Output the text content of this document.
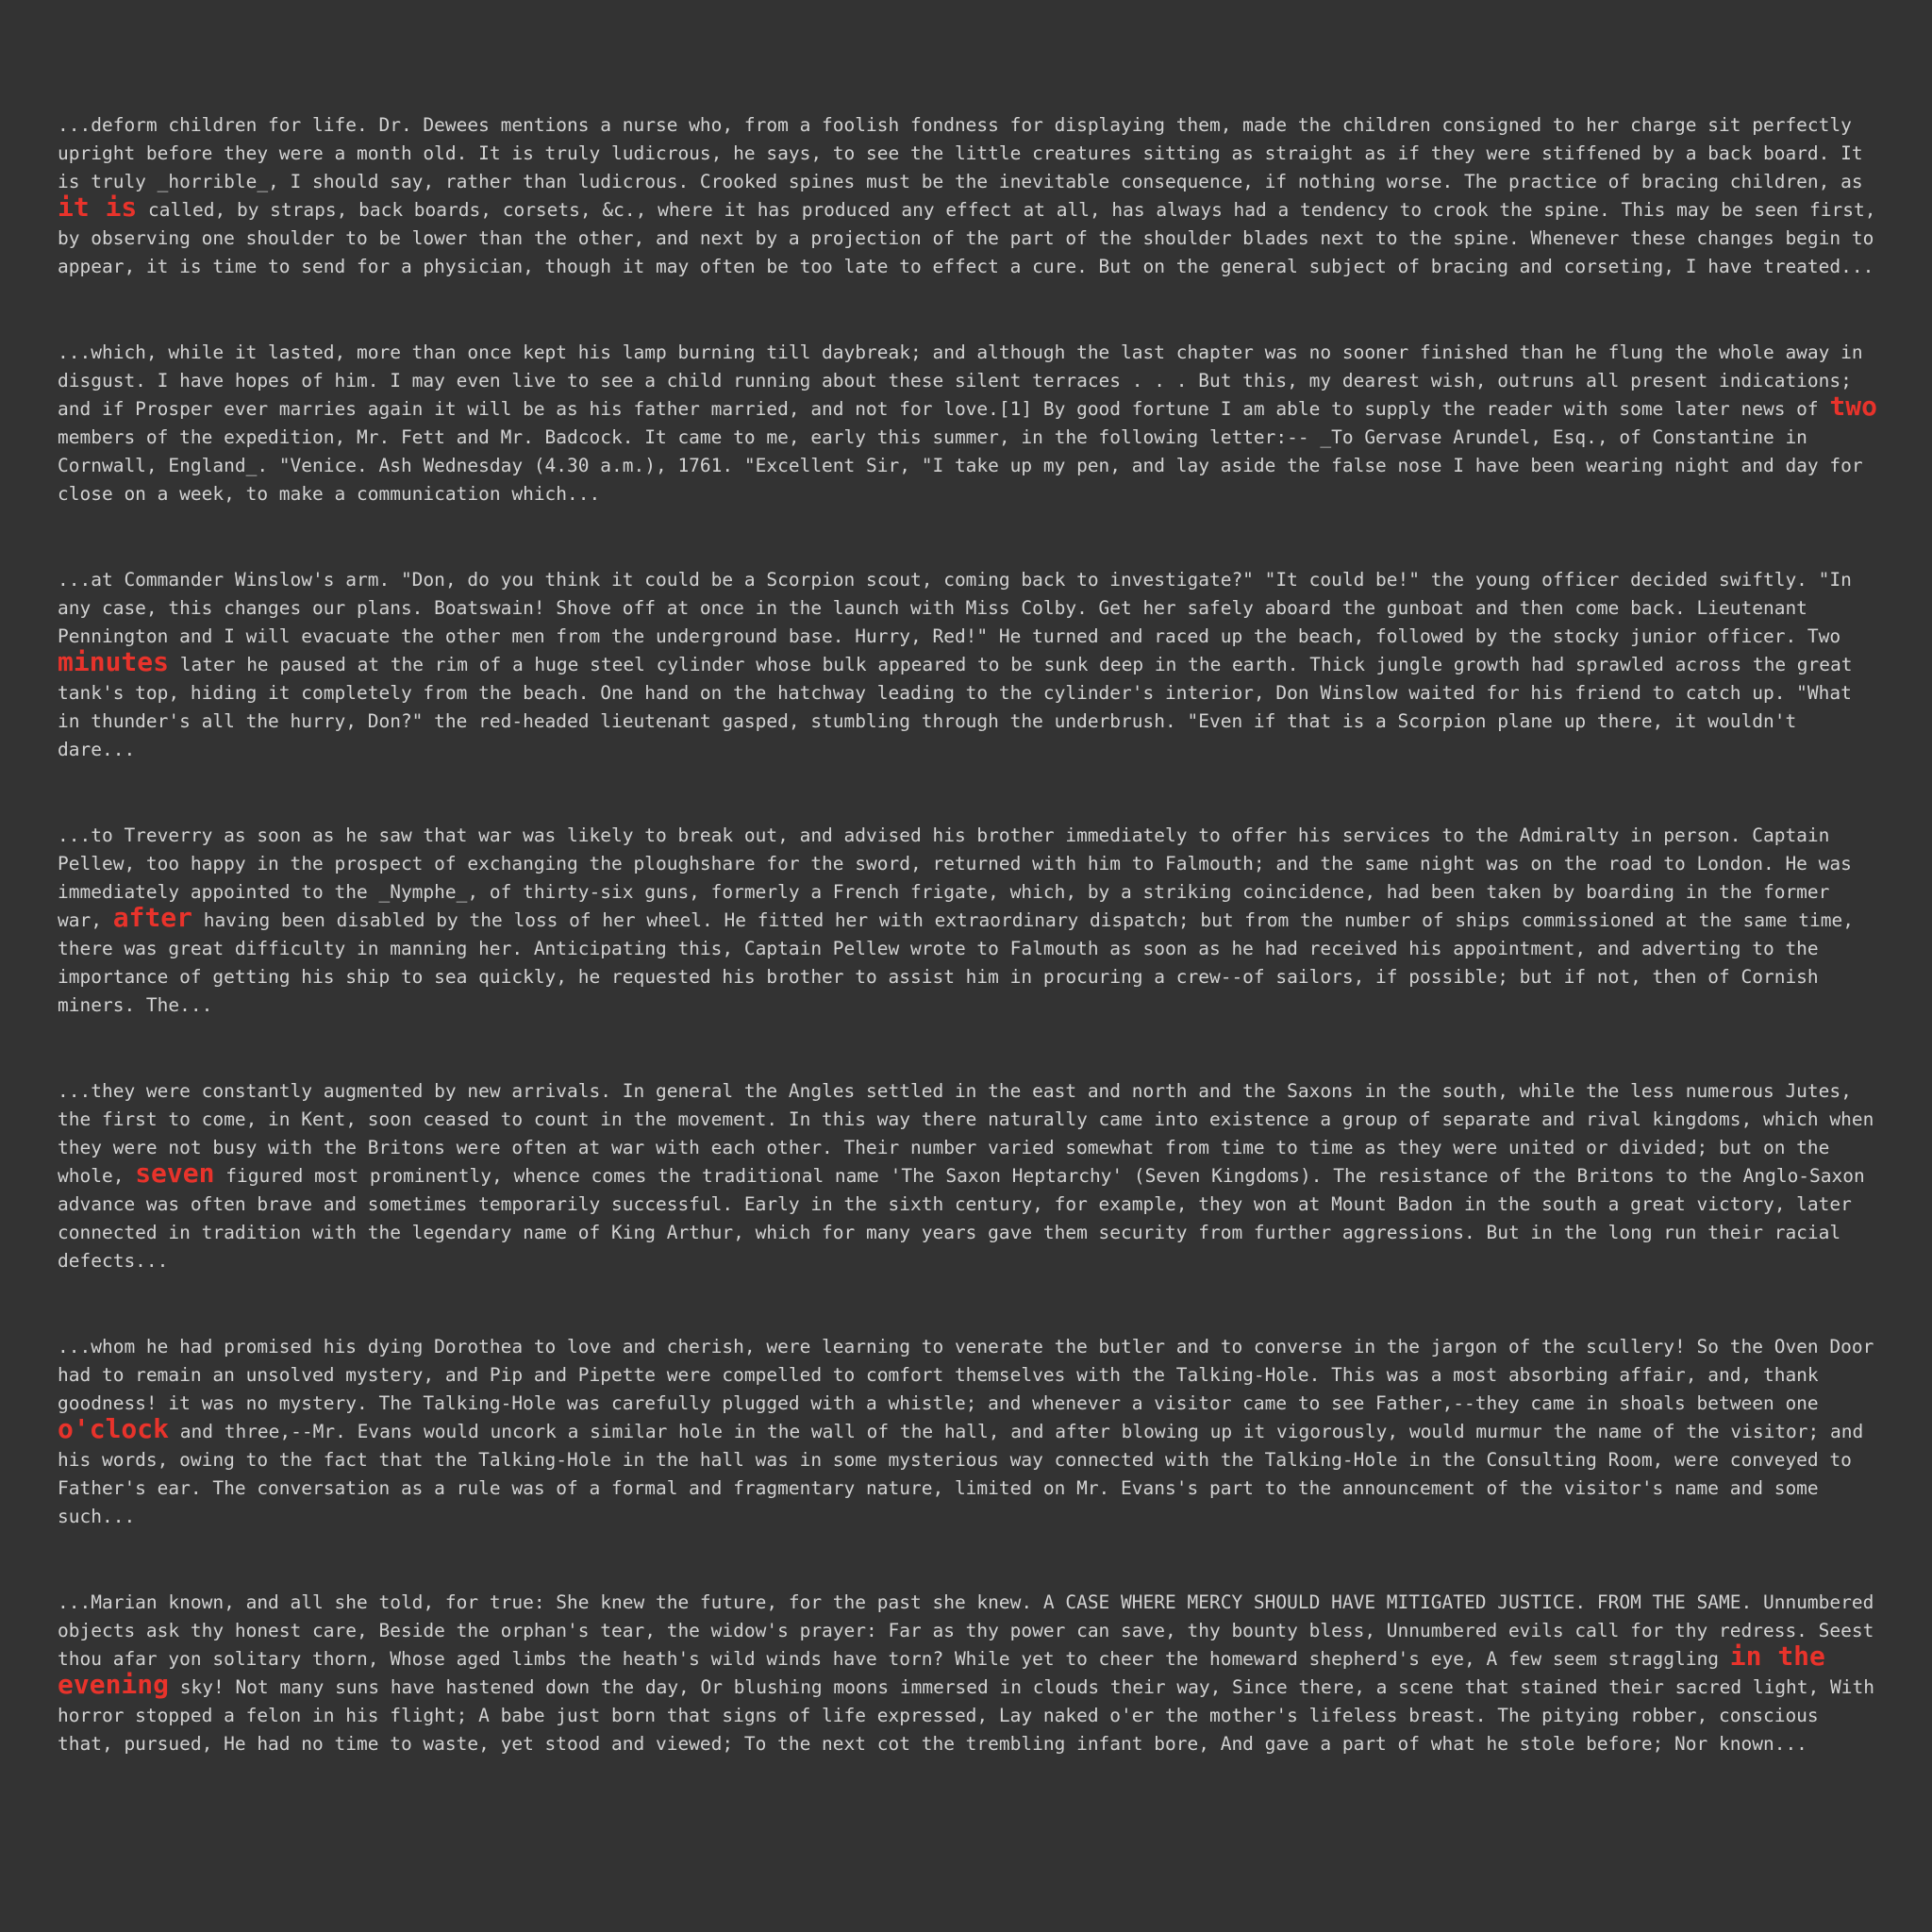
...deform children for life. Dr. Dewees mentions a nurse who, from a foolish fondness for displaying them, made the children consigned to her charge sit perfectly upright before they were a month old. It is truly ludicrous, he says, to see the little creatures sitting as straight as if they were stiffened by a back board. It is truly _horrible_, I should say, rather than ludicrous. Crooked spines must be the inevitable consequence, if nothing worse. The practice of bracing children, as it is called, by straps, back boards, corsets, &c., where it has produced any effect at all, has always had a tendency to crook the spine. This may be seen first, by observing one shoulder to be lower than the other, and next by a projection of the part of the shoulder blades next to the spine. Whenever these changes begin to appear, it is time to send for a physician, though it may often be too late to effect a cure. But on the general subject of bracing and corseting, I have treated...

...which, while it lasted, more than once kept his lamp burning till daybreak; and although the last chapter was no sooner finished than he flung the whole away in disgust. I have hopes of him. I may even live to see a child running about these silent terraces . . . But this, my dearest wish, outruns all present indications; and if Prosper ever marries again it will be as his father married, and not for love.[1] By good fortune I am able to supply the reader with some later news of two members of the expedition, Mr. Fett and Mr. Badcock. It came to me, early this summer, in the following letter:-- _To Gervase Arundel, Esq., of Constantine in Cornwall, England_. "Venice. Ash Wednesday (4.30 a.m.), 1761. "Excellent Sir, "I take up my pen, and lay aside the false nose I have been wearing night and day for close on a week, to make a communication which...

...at Commander Winslow's arm. "Don, do you think it could be a Scorpion scout, coming back to investigate?" "It could be!" the young officer decided swiftly. "In any case, this changes our plans. Boatswain! Shove off at once in the launch with Miss Colby. Get her safely aboard the gunboat and then come back. Lieutenant Pennington and I will evacuate the other men from the underground base. Hurry, Red!" He turned and raced up the beach, followed by the stocky junior officer. Two minutes later he paused at the rim of a huge steel cylinder whose bulk appeared to be sunk deep in the earth. Thick jungle growth had sprawled across the great tank's top, hiding it completely from the beach. One hand on the hatchway leading to the cylinder's interior, Don Winslow waited for his friend to catch up. "What in thunder's all the hurry, Don?" the red-headed lieutenant gasped, stumbling through the underbrush. "Even if that is a Scorpion plane up there, it wouldn't dare...

...to Treverry as soon as he saw that war was likely to break out, and advised his brother immediately to offer his services to the Admiralty in person. Captain Pellew, too happy in the prospect of exchanging the ploughshare for the sword, returned with him to Falmouth; and the same night was on the road to London. He was immediately appointed to the _Nymphe_, of thirty-six guns, formerly a French frigate, which, by a striking coincidence, had been taken by boarding in the former war, after having been disabled by the loss of her wheel. He fitted her with extraordinary dispatch; but from the number of ships commissioned at the same time, there was great difficulty in manning her. Anticipating this, Captain Pellew wrote to Falmouth as soon as he had received his appointment, and adverting to the importance of getting his ship to sea quickly, he requested his brother to assist him in procuring a crew--of sailors, if possible; but if not, then of Cornish miners. The...

...they were constantly augmented by new arrivals. In general the Angles settled in the east and north and the Saxons in the south, while the less numerous Jutes, the first to come, in Kent, soon ceased to count in the movement. In this way there naturally came into existence a group of separate and rival kingdoms, which when they were not busy with the Britons were often at war with each other. Their number varied somewhat from time to time as they were united or divided; but on the whole, seven figured most prominently, whence comes the traditional name 'The Saxon Heptarchy' (Seven Kingdoms). The resistance of the Britons to the Anglo-Saxon advance was often brave and sometimes temporarily successful. Early in the sixth century, for example, they won at Mount Badon in the south a great victory, later connected in tradition with the legendary name of King Arthur, which for many years gave them security from further aggressions. But in the long run their racial defects...

...whom he had promised his dying Dorothea to love and cherish, were learning to venerate the butler and to converse in the jargon of the scullery! So the Oven Door had to remain an unsolved mystery, and Pip and Pipette were compelled to comfort themselves with the Talking-Hole. This was a most absorbing affair, and, thank goodness! it was no mystery. The Talking-Hole was carefully plugged with a whistle; and whenever a visitor came to see Father,--they came in shoals between one o'clock and three,--Mr. Evans would uncork a similar hole in the wall of the hall, and after blowing up it vigorously, would murmur the name of the visitor; and his words, owing to the fact that the Talking-Hole in the hall was in some mysterious way connected with the Talking-Hole in the Consulting Room, were conveyed to Father's ear. The conversation as a rule was of a formal and fragmentary nature, limited on Mr. Evans's part to the announcement of the visitor's name and some such...

...Marian known, and all she told, for true: She knew the future, for the past she knew. A CASE WHERE MERCY SHOULD HAVE MITIGATED JUSTICE. FROM THE SAME. Unnumbered objects ask thy honest care, Beside the orphan's tear, the widow's prayer: Far as thy power can save, thy bounty bless, Unnumbered evils call for thy redress. Seest thou afar yon solitary thorn, Whose aged limbs the heath's wild winds have torn? While yet to cheer the homeward shepherd's eye, A few seem straggling in the evening sky! Not many suns have hastened down the day, Or blushing moons immersed in clouds their way, Since there, a scene that stained their sacred light, With horror stopped a felon in his flight; A babe just born that signs of life expressed, Lay naked o'er the mother's lifeless breast. The pitying robber, conscious that, pursued, He had no time to waste, yet stood and viewed; To the next cot the trembling infant bore, And gave a part of what he stole before; Nor known...
